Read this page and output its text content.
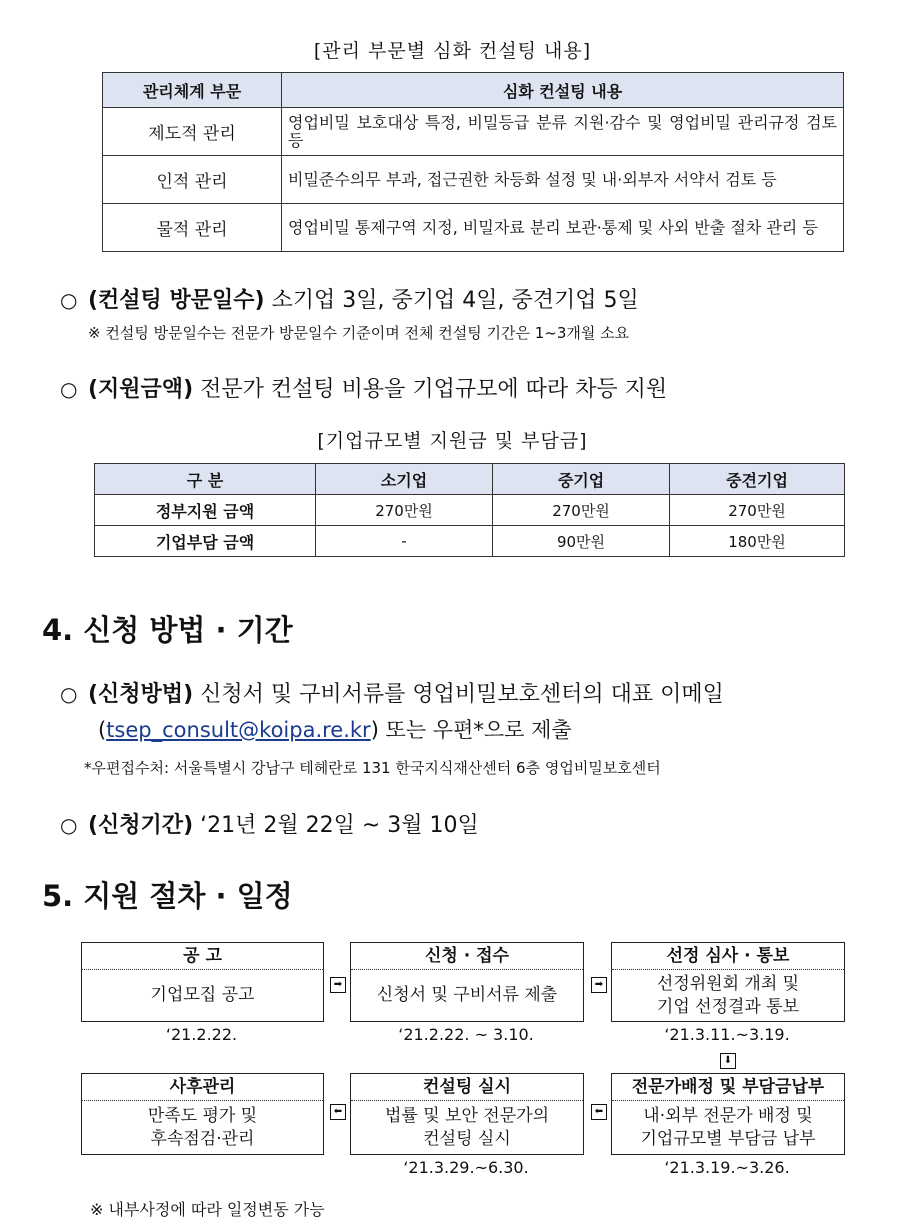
[관리 부문별 심화 컨설팅 내용]
관리체계 부문	심화 컨설팅 내용
제도적 관리	영업비밀 보호대상 특정, 비밀등급 분류 지원·감수 및 영업비밀 관리규정 검토 등
인적 관리	비밀준수의무 부과, 접근권한 차등화 설정 및 내·외부자 서약서 검토 등
물적 관리	영업비밀 통제구역 지정, 비밀자료 분리 보관·통제 및 사외 반출 절차 관리 등
○ (컨설팅 방문일수) 소기업 3일, 중기업 4일, 중견기업 5일
※ 컨설팅 방문일수는 전문가 방문일수 기준이며 전체 컨설팅 기간은 1~3개월 소요
○ (지원금액) 전문가 컨설팅 비용을 기업규모에 따라 차등 지원
[기업규모별 지원금 및 부담금]
구 분	소기업	중기업	중견기업
정부지원 금액	270만원	270만원	270만원
기업부담 금액	-	90만원	180만원
4. 신청 방법 · 기간
○ (신청방법) 신청서 및 구비서류를 영업비밀보호센터의 대표 이메일
(tsep_consult@koipa.re.kr) 또는 우편*으로 제출
*우편접수처: 서울특별시 강남구 테헤란로 131 한국지식재산센터 6층 영업비밀보호센터
○ (신청기간) ‘21년 2월 22일 ~ 3월 10일
5. 지원 절차 · 일정
공 고
기업모집 공고
➡
신청 · 접수
신청서 및 구비서류 제출
➡
선정 심사 · 통보
선정위원회 개최 및
기업 선정결과 통보
‘21.2.22.	‘21.2.22. ~ 3.10.	‘21.3.11.~3.19.
⬇
사후관리
만족도 평가 및
후속점검·관리
⬅
컨설팅 실시
법률 및 보안 전문가의
컨설팅 실시
⬅
전문가배정 및 부담금납부
내·외부 전문가 배정 및
기업규모별 부담금 납부
‘21.3.29.~6.30.	‘21.3.19.~3.26.
※ 내부사정에 따라 일정변동 가능
